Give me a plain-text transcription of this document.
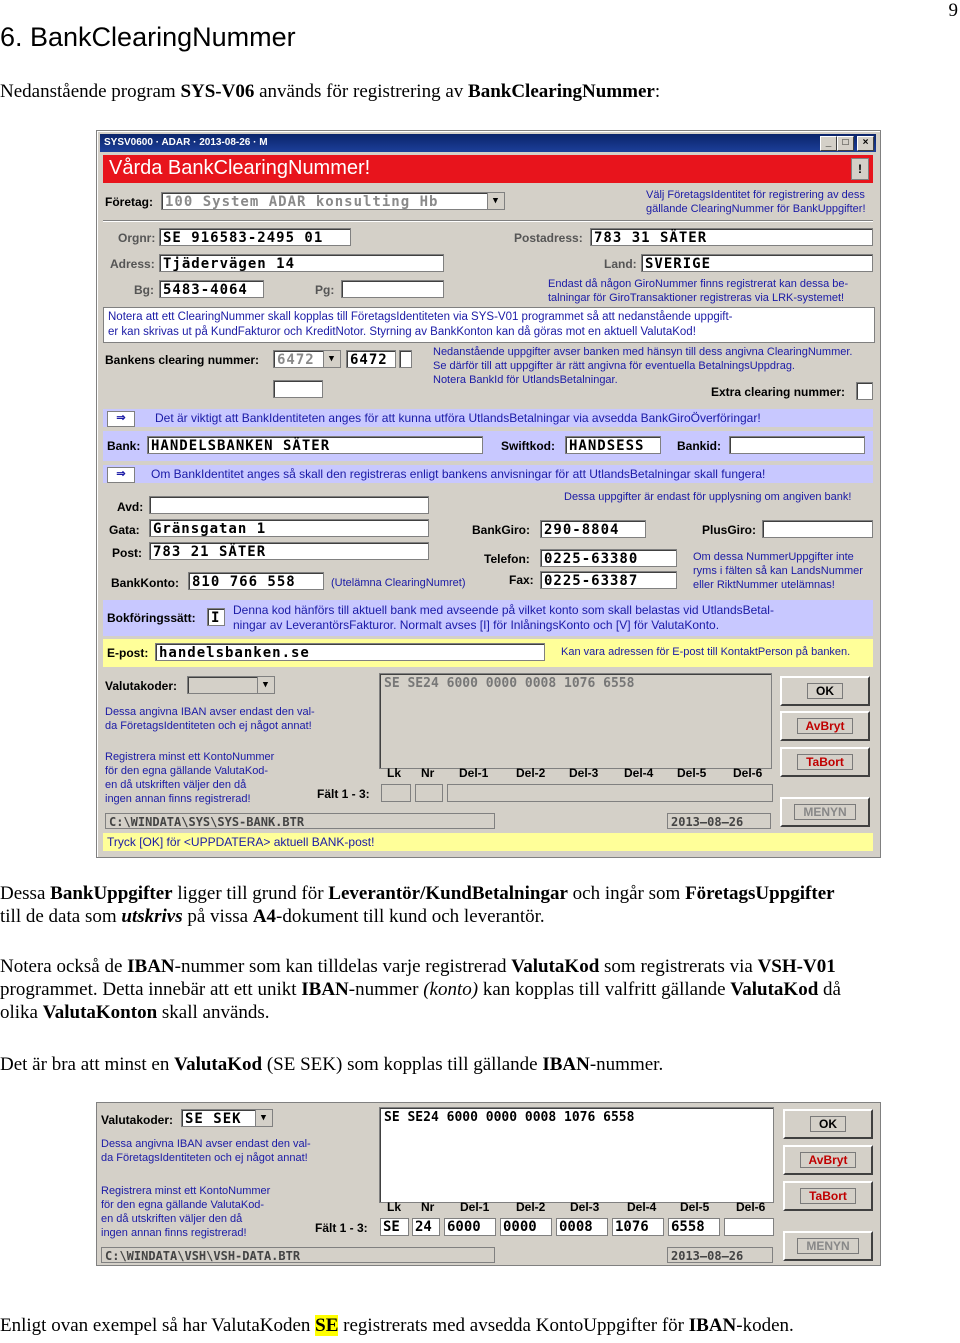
9
6. BankClearingNummer
Nedanstående program SYS-V06 används för registrering av BankClearingNummer:
SYSV0600 · ADAR · 2013-08-26 · M	_	□	×
Vårda BankClearingNummer!	!
Företag: 100 System ADAR konsulting Hb	▼	Välj FöretagsIdentitet för registrering av dess
gällande ClearingNummer för BankUppgifter!
Orgnr: SE 916583-2495 01	Postadress: 783 31 SÄTER
Adress: Tjädervägen 14	Land: SVERIGE
Bg: 5483-4064	Pg:	Endast då någon GiroNummer finns registrerat kan dessa be-
talningar för GiroTransaktioner registreras via LRK-systemet!
Notera att ett ClearingNummer skall kopplas till FöretagsIdentiteten via SYS-V01 programmet så att nedanstående uppgift-
er kan skrivas ut på KundFakturor och KreditNotor. Styrning av BankKonton kan då göras mot en aktuell ValutaKod!
Bankens clearing nummer: 6472	▼	6472	Nedanstående uppgifter avser banken med hänsyn till dess angivna ClearingNummer.
Se därför till att uppgifter är rätt angivna för eventuella BetalningsUppdrag.
Notera BankId för UtlandsBetalningar.
Extra clearing nummer:
⇒	Det är viktigt att BankIdentiteten anges för att kunna utföra UtlandsBetalningar via avsedda BankGiroÖverföringar!
Bank: HANDELSBANKEN SÄTER	Swiftkod: HANDSESS	Bankid:
⇒	Om BankIdentitet anges så skall den registreras enligt bankens anvisningar för att UtlandsBetalningar skall fungera!
Dessa uppgifter är endast för upplysning om angiven bank!
Avd:
Gata: Gränsgatan 1	BankGiro: 290-8804	PlusGiro:
Post: 783 21 SÄTER	Telefon: 0225-63380
Fax: 0225-63387
Om dessa NummerUppgifter inte
ryms i fälten så kan LandsNummer
eller RiktNummer utelämnas!
BankKonto: 810 766 558	(Utelämna ClearingNumret)
Bokföringssätt: I	Denna kod hänförs till aktuell bank med avseende på vilket konto som skall belastas vid UtlandsBetal-
ningar av LeverantörsFakturor. Normalt avses [I] för InlåningsKonto och [V] för ValutaKonto.
E-post: handelsbanken.se	Kan vara adressen för E-post till KontaktPerson på banken.
Valutakoder:	▼	SE SE24 6000 0000 0008 1076 6558
Dessa angivna IBAN avser endast den val-
da FöretagsIdentiteten och ej något annat!
Registrera minst ett KontoNummer
för den egna gällande ValutaKod-
en då utskriften väljer den då
ingen annan finns registrerad!
Lk Nr Del-1 Del-2 Del-3 Del-4 Del-5 Del-6
Fält 1 - 3:
OK
AvBryt
TaBort
MENYN
C:\WINDATA\SYS\SYS-BANK.BTR	2013–08–26
Tryck [OK] för <UPPDATERA> aktuell BANK-post!
Dessa BankUppgifter ligger till grund för Leverantör/KundBetalningar och ingår som FöretagsUppgifter
till de data som utskrivs på vissa A4-dokument till kund och leverantör.
Notera också de IBAN-nummer som kan tilldelas varje registrerad ValutaKod som registrerats via VSH-V01
programmet. Detta innebär att ett unikt IBAN-nummer (konto) kan kopplas till valfritt gällande ValutaKod då
olika ValutaKonton skall används.
Det är bra att minst en ValutaKod (SE SEK) som kopplas till gällande IBAN-nummer.
Valutakoder: SE SEK	▼	SE SE24 6000 0000 0008 1076 6558
Dessa angivna IBAN avser endast den val-
da FöretagsIdentiteten och ej något annat!
Registrera minst ett KontoNummer
för den egna gällande ValutaKod-
en då utskriften väljer den då
ingen annan finns registrerad!
Lk Nr Del-1 Del-2 Del-3 Del-4 Del-5 Del-6
Fält 1 - 3: SE	24	6000	0000	0008	1076	6558
OK
AvBryt
TaBort
MENYN
C:\WINDATA\VSH\VSH-DATA.BTR	2013–08–26
Enligt ovan exempel så har ValutaKoden SE registrerats med avsedda KontoUppgifter för IBAN-koden.
